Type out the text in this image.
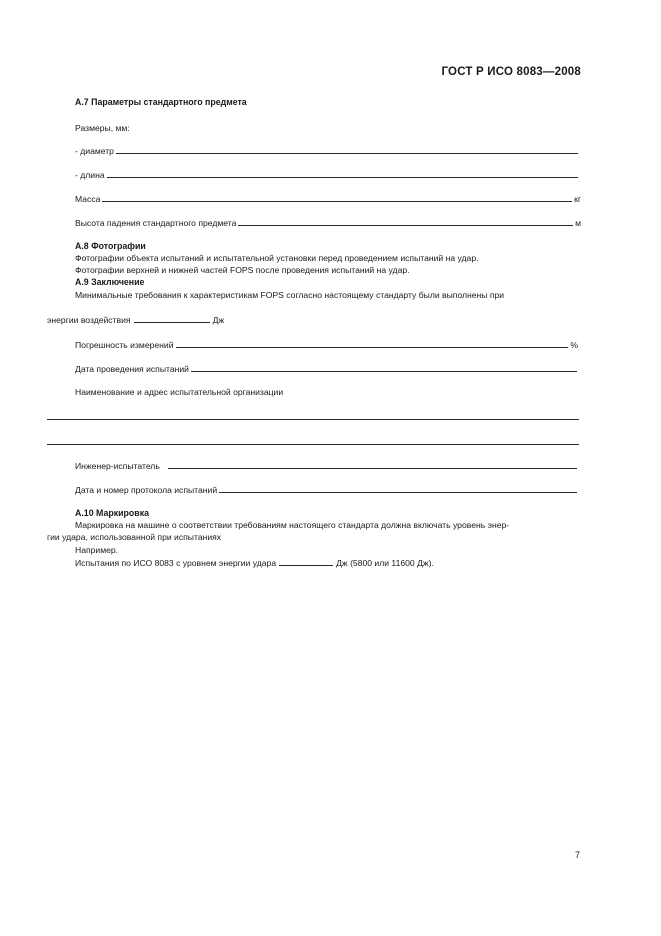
ГОСТ Р ИСО 8083—2008
А.7 Параметры стандартного предмета
Размеры, мм:
- диаметр
- длина
Масса	кг
Высота падения стандартного предмета	м
А.8 Фотографии
Фотографии объекта испытаний и испытательной установки перед проведением испытаний на удар.
Фотографии верхней и нижней частей FOPS после проведения испытаний на удар.
А.9 Заключение
Минимальные требования к характеристикам FOPS согласно настоящему стандарту были выполнены при
энергии воздействия	Дж
Погрешность измерений	%
Дата проведения испытаний
Наименование и адрес испытательной организации
Инженер-испытатель
Дата и номер протокола испытаний
А.10 Маркировка
Маркировка на машине о соответствии требованиям настоящего стандарта должна включать уровень энер-
гии удара, использованной при испытаниях
Например.
Испытания по ИСО 8083 с уровнем энергии удара	Дж (5800 или 11600 Дж).
7
